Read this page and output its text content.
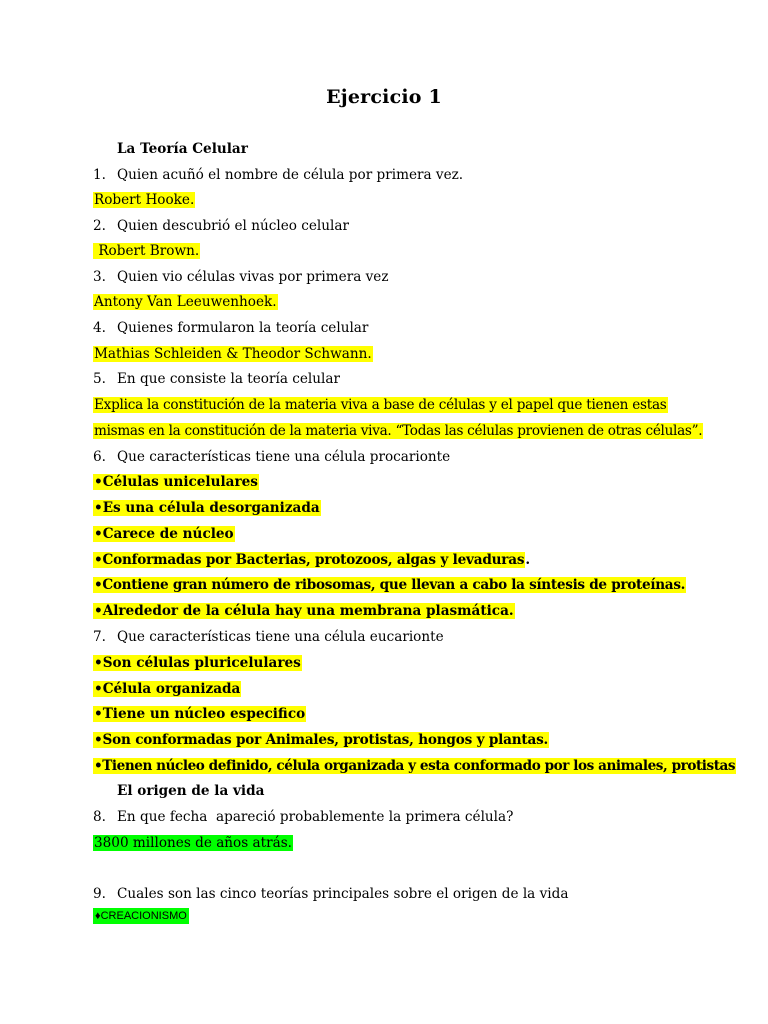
Ejercicio 1
La Teoría Celular
1. Quien acuñó el nombre de célula por primera vez.
Robert Hooke.
2. Quien descubrió el núcleo celular
Robert Brown.
3. Quien vio células vivas por primera vez
Antony Van Leeuwenhoek.
4. Quienes formularon la teoría celular
Mathias Schleiden & Theodor Schwann.
5. En que consiste la teoría celular
Explica la constitución de la materia viva a base de células y el papel que tienen estas
mismas en la constitución de la materia viva. “Todas las células provienen de otras células”.
6. Que características tiene una célula procarionte
•Células unicelulares
•Es una célula desorganizada
•Carece de núcleo
•Conformadas por Bacterias, protozoos, algas y levaduras.
•Contiene gran número de ribosomas, que llevan a cabo la síntesis de proteínas.
•Alrededor de la célula hay una membrana plasmática.
7. Que características tiene una célula eucarionte
•Son células pluricelulares
•Célula organizada
•Tiene un núcleo especifico
•Son conformadas por Animales, protistas, hongos y plantas.
•Tienen núcleo definido, célula organizada y esta conformado por los animales, protistas
El origen de la vida
8. En que fecha  apareció probablemente la primera célula?
3800 millones de años atrás.
9. Cuales son las cinco teorías principales sobre el origen de la vida
♦CREACIONISMO
